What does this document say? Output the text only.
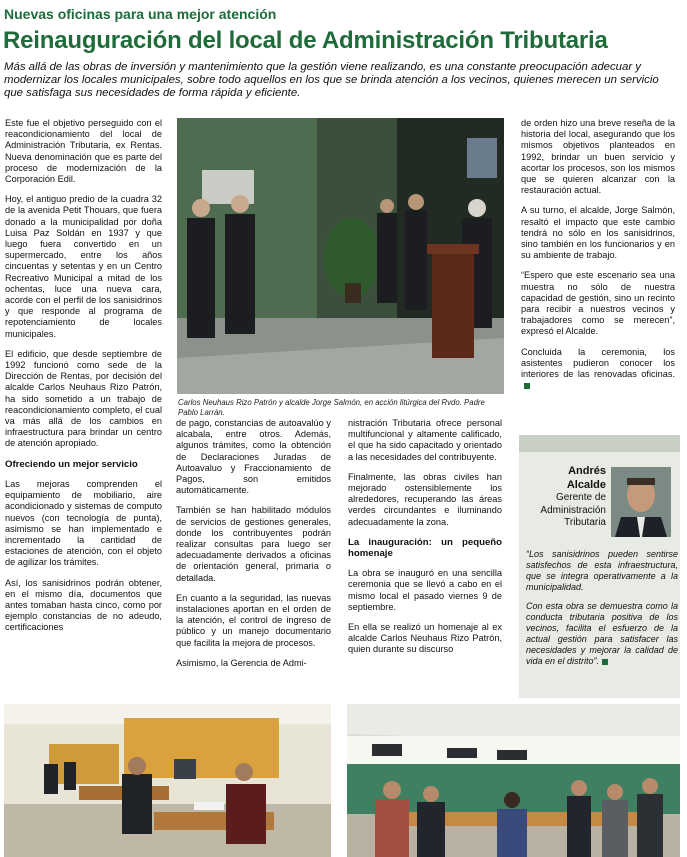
Nuevas oficinas para una mejor atención
Reinauguración del local de Administración Tributaria
Más allá de las obras de inversión y mantenimiento que la gestión viene realizando, es una constante preocupación adecuar y modernizar los locales municipales, sobre todo aquellos en los que se brinda atención a los vecinos, quienes merecen un servicio que satisfaga sus necesidades de forma rápida y eficiente.

Este fue el objetivo perseguido con el reacondicionamiento del local de Administración Tributaria, ex Rentas. Nueva denominación que es parte del proceso de modernización de la Corporación Edil.

Hoy, el antiguo predio de la cuadra 32 de la avenida Petit Thouars, que fuera donado a la municipalidad por doña Luisa Paz Soldán en 1937 y que luego fuera convertido en un supermercado, entre los años cincuentas y setentas y en un Centro Recreativo Municipal a mitad de los ochentas, luce una nueva cara, acorde con el perfil de los sanisidrinos y que responde al programa de repotenciamiento de locales municipales.

El edificio, que desde septiembre de 1992 funcionó como sede de la Dirección de Rentas, por decisión del alcalde Carlos Neuhaus Rizo Patrón, ha sido sometido a un trabajo de reacondicionamiento completo, el cual va más allá de los cambios en infraestructura para brindar un centro de atención apropiado.

Ofreciendo un mejor servicio

Las mejoras comprenden el equipamiento de mobiliario, aire acondicionado y sistemas de computo nuevos (con tecnología de punta), asimismo se han implementado e incrementado la cantidad de estaciones de atención, con el objeto de agilizar los trámites.

Así, los sanisidrinos podrán obtener, en el mismo día, documentos que antes tomaban hasta cinco, como por ejemplo constancias de no adeudo, certificaciones

Carlos Neuhaus Rizo Patrón y alcalde Jorge Salmón, en acción litúrgica del Rvdo. Padre Pablo Larrán.

de pago, constancias de autoavalúo y alcabala, entre otros. Además, algunos trámites, como la obtención de Declaraciones Juradas de Autoavaluo y Fraccionamiento de Pagos, son emitidos automáticamente.

También se han habilitado módulos de servicios de gestiones generales, donde los contribuyentes podrán realizar consultas para luego ser adecuadamente derivados a oficinas de orientación general, primaria o detallada.

En cuanto a la seguridad, las nuevas instalaciones aportan en el orden de la atención, el control de ingreso de público y un manejo documentario que facilita la mejora de procesos.

Asimismo, la Gerencia de Admi-

nistración Tributaria ofrece personal multifuncional y altamente calificado, el que ha sido capacitado y orientado a las necesidades del contribuyente.

Finalmente, las obras civiles han mejorado ostensiblemente los alrededores, recuperando las áreas verdes circundantes e iluminando adecuadamente la zona.

La inauguración: un pequeño homenaje

La obra se inauguró en una sencilla ceremonia que se llevó a cabo en el mismo local el pasado viernes 9 de septiembre.

En ella se realizó un homenaje al ex alcalde Carlos Neuhaus Rizo Patrón, quien durante su discurso

de orden hizo una breve reseña de la historia del local, asegurando que los mismos objetivos planteados en 1992, brindar un buen servicio y acortar los procesos, son los mismos que se quieren alcanzar con la restauración actual.

A su turno, el alcalde, Jorge Salmón, resaltó el impacto que este cambio tendrá no sólo en los sanisidrinos, sino también en los funcionarios y en su ambiente de trabajo.

“Espero que este escenario sea una muestra no sólo de nuestra capacidad de gestión, sino un recinto para recibir a nuestros vecinos y trabajadores como se merecen”, expresó el Alcalde.

Concluida la ceremonia, los asistentes pudieron conocer los interiores de las renovadas oficinas.

Andrés
Alcalde
Gerente de
Administración
Tributaria

“Los sanisidrinos pueden sentirse satisfechos de esta infraestructura, que se integra operativamente a la municipalidad.

Con esta obra se demuestra como la conducta tributaria positiva de los vecinos, facilita el esfuerzo de la actual gestión para satisfacer las necesidades y mejorar la calidad de vida en el distrito”.
